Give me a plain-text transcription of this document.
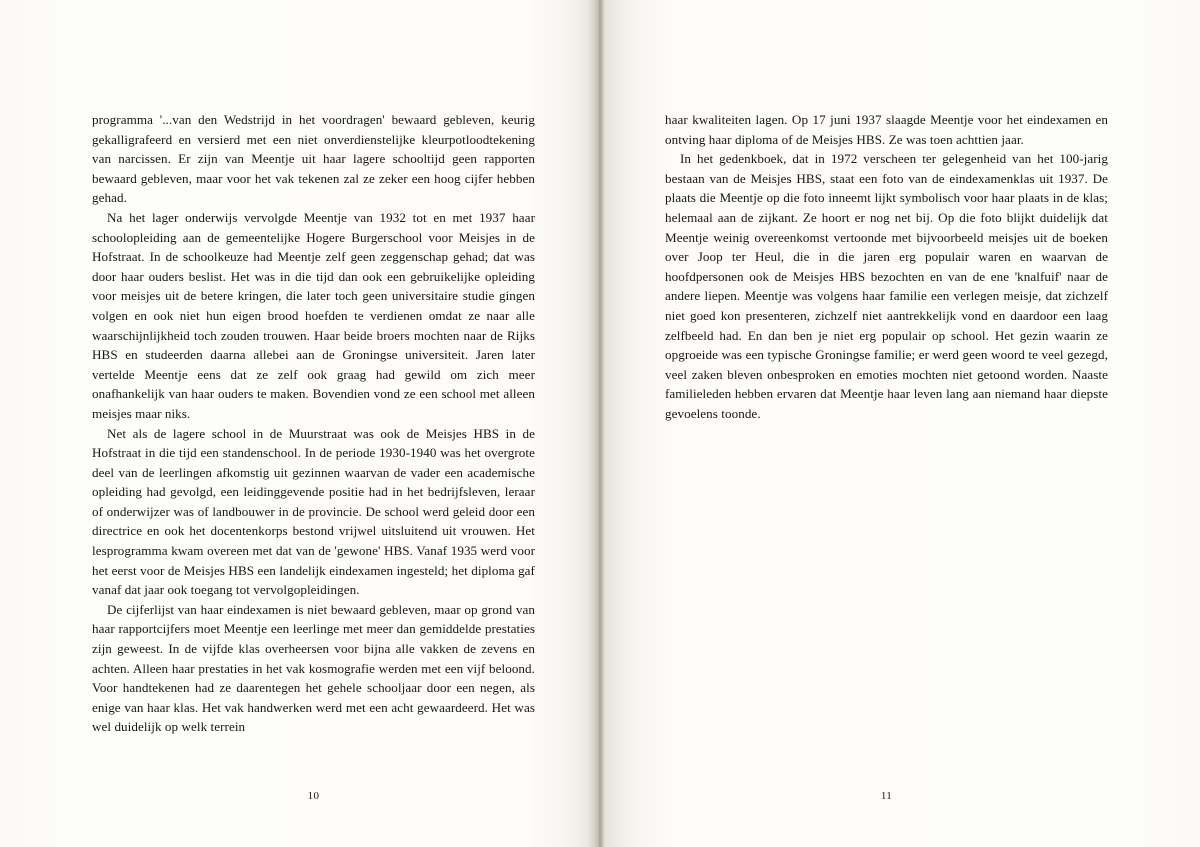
programma '...van den Wedstrijd in het voordragen' bewaard gebleven, keurig gekalligrafeerd en versierd met een niet onverdienstelijke kleurpotloodtekening van narcissen. Er zijn van Meentje uit haar lagere schooltijd geen rapporten bewaard gebleven, maar voor het vak tekenen zal ze zeker een hoog cijfer hebben gehad.

Na het lager onderwijs vervolgde Meentje van 1932 tot en met 1937 haar schoolopleiding aan de gemeentelijke Hogere Burgerschool voor Meisjes in de Hofstraat. In de schoolkeuze had Meentje zelf geen zeggenschap gehad; dat was door haar ouders beslist. Het was in die tijd dan ook een gebruikelijke opleiding voor meisjes uit de betere kringen, die later toch geen universitaire studie gingen volgen en ook niet hun eigen brood hoefden te verdienen omdat ze naar alle waarschijnlijkheid toch zouden trouwen. Haar beide broers mochten naar de Rijks HBS en studeerden daarna allebei aan de Groningse universiteit. Jaren later vertelde Meentje eens dat ze zelf ook graag had gewild om zich meer onafhankelijk van haar ouders te maken. Bovendien vond ze een school met alleen meisjes maar niks.

Net als de lagere school in de Muurstraat was ook de Meisjes HBS in de Hofstraat in die tijd een standenschool. In de periode 1930-1940 was het overgrote deel van de leerlingen afkomstig uit gezinnen waarvan de vader een academische opleiding had gevolgd, een leidinggevende positie had in het bedrijfsleven, leraar of onderwijzer was of landbouwer in de provincie. De school werd geleid door een directrice en ook het docentenkorps bestond vrijwel uitsluitend uit vrouwen. Het lesprogramma kwam overeen met dat van de 'gewone' HBS. Vanaf 1935 werd voor het eerst voor de Meisjes HBS een landelijk eindexamen ingesteld; het diploma gaf vanaf dat jaar ook toegang tot vervolgopleidingen.

De cijferlijst van haar eindexamen is niet bewaard gebleven, maar op grond van haar rapportcijfers moet Meentje een leerlinge met meer dan gemiddelde prestaties zijn geweest. In de vijfde klas overheersen voor bijna alle vakken de zevens en achten. Alleen haar prestaties in het vak kosmografie werden met een vijf beloond. Voor handtekenen had ze daarentegen het gehele schooljaar door een negen, als enige van haar klas. Het vak handwerken werd met een acht gewaardeerd. Het was wel duidelijk op welk terrein

10

haar kwaliteiten lagen. Op 17 juni 1937 slaagde Meentje voor het eindexamen en ontving haar diploma of de Meisjes HBS. Ze was toen achttien jaar.

In het gedenkboek, dat in 1972 verscheen ter gelegenheid van het 100-jarig bestaan van de Meisjes HBS, staat een foto van de eindexamenklas uit 1937. De plaats die Meentje op die foto inneemt lijkt symbolisch voor haar plaats in de klas; helemaal aan de zijkant. Ze hoort er nog net bij. Op die foto blijkt duidelijk dat Meentje weinig overeenkomst vertoonde met bijvoorbeeld meisjes uit de boeken over Joop ter Heul, die in die jaren erg populair waren en waarvan de hoofdpersonen ook de Meisjes HBS bezochten en van de ene 'knalfuif' naar de andere liepen. Meentje was volgens haar familie een verlegen meisje, dat zichzelf niet goed kon presenteren, zichzelf niet aantrekkelijk vond en daardoor een laag zelfbeeld had. En dan ben je niet erg populair op school. Het gezin waarin ze opgroeide was een typische Groningse familie; er werd geen woord te veel gezegd, veel zaken bleven onbesproken en emoties mochten niet getoond worden. Naaste familieleden hebben ervaren dat Meentje haar leven lang aan niemand haar diepste gevoelens toonde.

11
